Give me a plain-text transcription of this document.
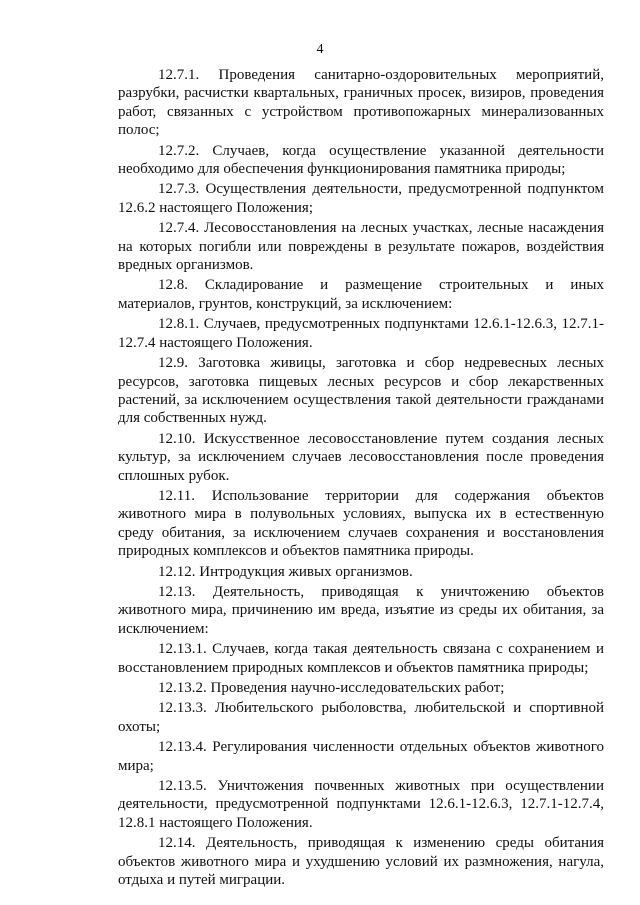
4

12.7.1. Проведения санитарно-оздоровительных мероприятий, разрубки, расчистки квартальных, граничных просек, визиров, проведения работ, связанных с устройством противопожарных минерализованных полос;

12.7.2. Случаев, когда осуществление указанной деятельности необходимо для обеспечения функционирования памятника природы;

12.7.3. Осуществления деятельности, предусмотренной подпунктом 12.6.2 настоящего Положения;

12.7.4. Лесовосстановления на лесных участках, лесные насаждения на которых погибли или повреждены в результате пожаров, воздействия вредных организмов.

12.8. Складирование и размещение строительных и иных материалов, грунтов, конструкций, за исключением:

12.8.1. Случаев, предусмотренных подпунктами 12.6.1-12.6.3, 12.7.1-12.7.4 настоящего Положения.

12.9. Заготовка живицы, заготовка и сбор недревесных лесных ресурсов, заготовка пищевых лесных ресурсов и сбор лекарственных растений, за исключением осуществления такой деятельности гражданами для собственных нужд.

12.10. Искусственное лесовосстановление путем создания лесных культур, за исключением случаев лесовосстановления после проведения сплошных рубок.

12.11. Использование территории для содержания объектов животного мира в полувольных условиях, выпуска их в естественную среду обитания, за исключением случаев сохранения и восстановления природных комплексов и объектов памятника природы.

12.12. Интродукция живых организмов.

12.13. Деятельность, приводящая к уничтожению объектов животного мира, причинению им вреда, изъятие из среды их обитания, за исключением:

12.13.1. Случаев, когда такая деятельность связана с сохранением и восстановлением природных комплексов и объектов памятника природы;

12.13.2. Проведения научно-исследовательских работ;

12.13.3. Любительского рыболовства, любительской и спортивной охоты;

12.13.4. Регулирования численности отдельных объектов животного мира;

12.13.5. Уничтожения почвенных животных при осуществлении деятельности, предусмотренной подпунктами 12.6.1-12.6.3, 12.7.1-12.7.4, 12.8.1 настоящего Положения.

12.14. Деятельность, приводящая к изменению среды обитания объектов животного мира и ухудшению условий их размножения, нагула, отдыха и путей миграции.
